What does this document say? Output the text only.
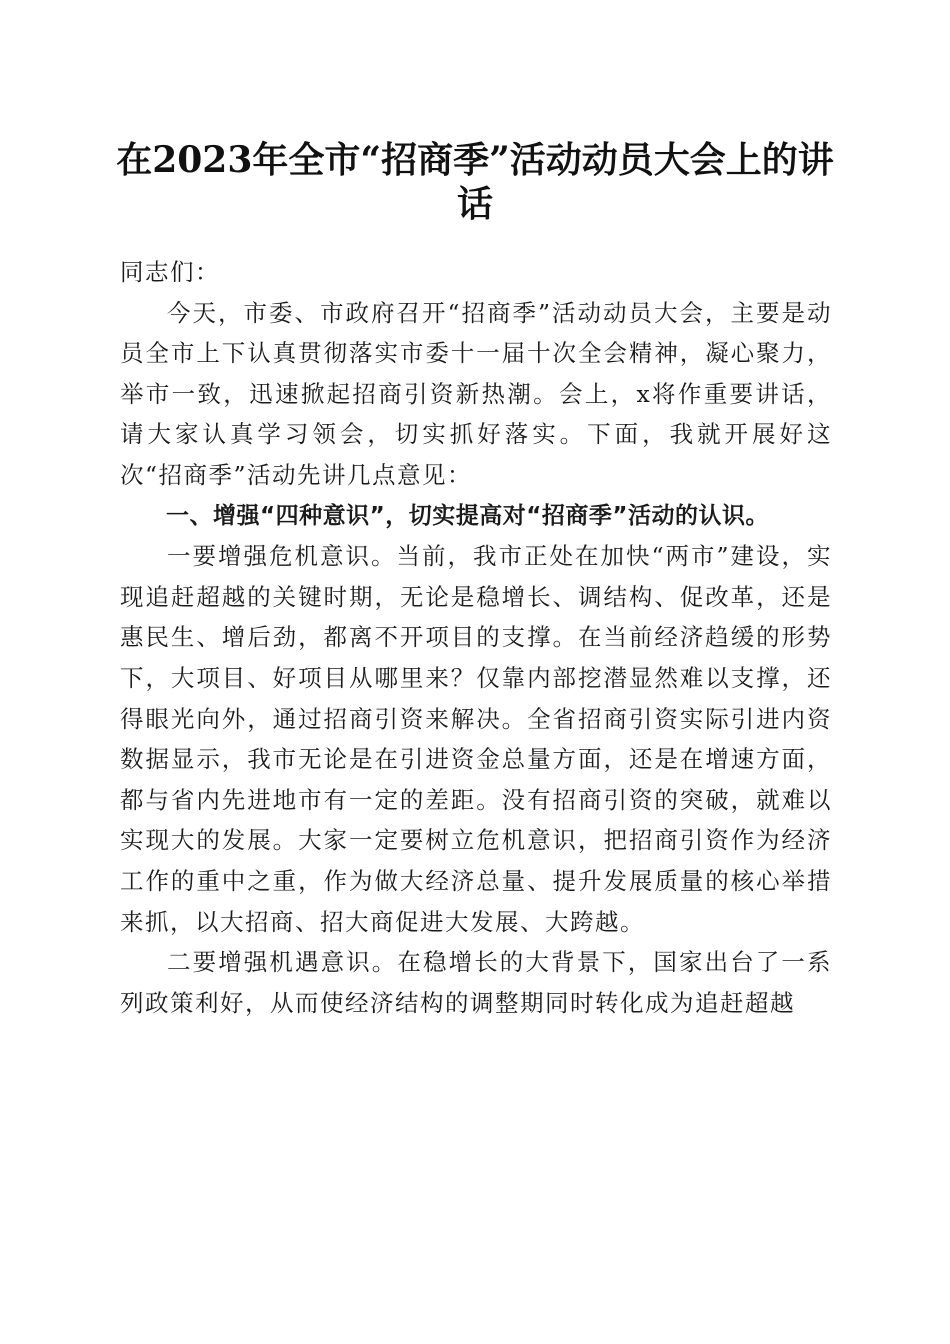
在2023年全市“招商季”活动动员大会上的讲话

同志们：

今天，市委、市政府召开“招商季”活动动员大会，主要是动员全市上下认真贯彻落实市委十一届十次全会精神，凝心聚力，举市一致，迅速掀起招商引资新热潮。会上，x将作重要讲话，请大家认真学习领会，切实抓好落实。下面，我就开展好这次“招商季”活动先讲几点意见：

一、增强“四种意识”，切实提高对“招商季”活动的认识。

一要增强危机意识。当前，我市正处在加快“两市”建设，实现追赶超越的关键时期，无论是稳增长、调结构、促改革，还是惠民生、增后劲，都离不开项目的支撑。在当前经济趋缓的形势下，大项目、好项目从哪里来？仅靠内部挖潜显然难以支撑，还得眼光向外，通过招商引资来解决。全省招商引资实际引进内资数据显示，我市无论是在引进资金总量方面，还是在增速方面，都与省内先进地市有一定的差距。没有招商引资的突破，就难以实现大的发展。大家一定要树立危机意识，把招商引资作为经济工作的重中之重，作为做大经济总量、提升发展质量的核心举措来抓，以大招商、招大商促进大发展、大跨越。

二要增强机遇意识。在稳增长的大背景下，国家出台了一系列政策利好，从而使经济结构的调整期同时转化成为追赶超越
